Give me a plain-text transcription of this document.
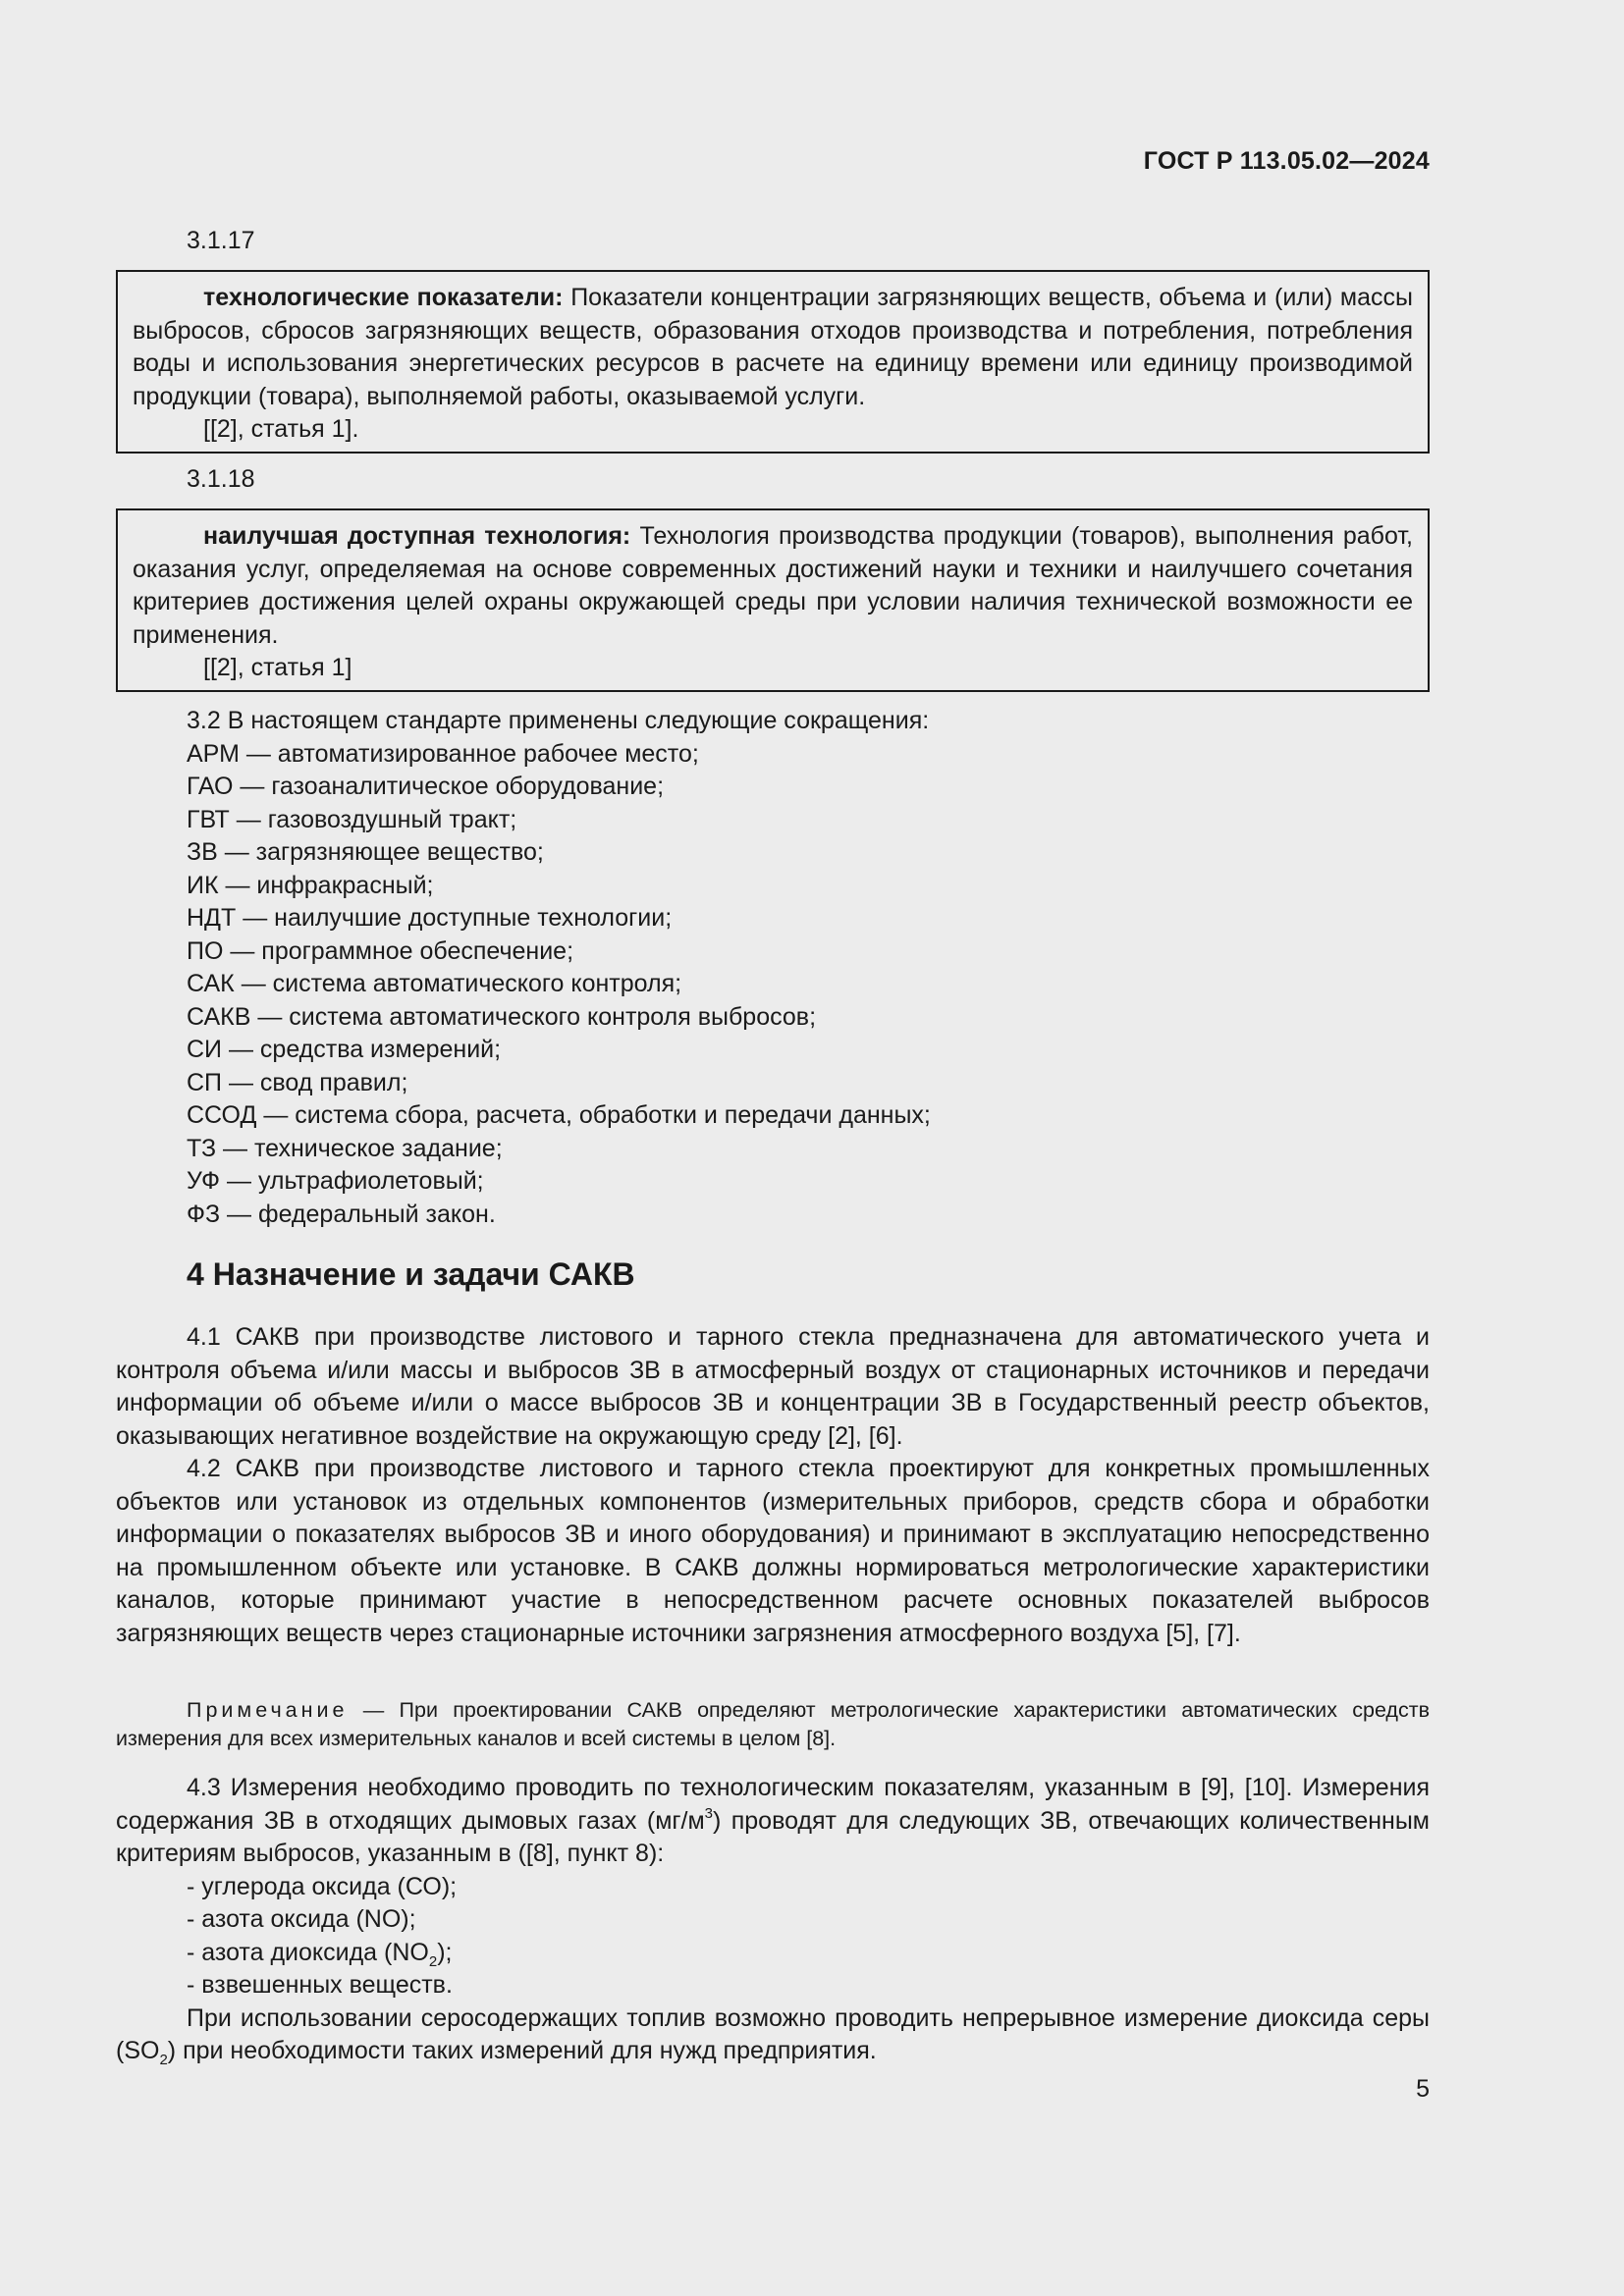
ГОСТ Р 113.05.02—2024
3.1.17

технологические показатели: Показатели концентрации загрязняющих веществ, объема и (или) массы выбросов, сбросов загрязняющих веществ, образования отходов производства и потребления, потребления воды и использования энергетических ресурсов в расчете на единицу времени или единицу производимой продукции (товара), выполняемой работы, оказываемой услуги.

[[2], статья 1].

3.1.18

наилучшая доступная технология: Технология производства продукции (товаров), выполнения работ, оказания услуг, определяемая на основе современных достижений науки и техники и наилучшего сочетания критериев достижения целей охраны окружающей среды при условии наличия технической возможности ее применения.

[[2], статья 1]

3.2 В настоящем стандарте применены следующие сокращения:

АРМ — автоматизированное рабочее место;

ГАО — газоаналитическое оборудование;

ГВТ — газовоздушный тракт;

ЗВ — загрязняющее вещество;

ИК — инфракрасный;

НДТ — наилучшие доступные технологии;

ПО — программное обеспечение;

САК — система автоматического контроля;

САКВ — система автоматического контроля выбросов;

СИ — средства измерений;

СП — свод правил;

ССОД — система сбора, расчета, обработки и передачи данных;

ТЗ — техническое задание;

УФ — ультрафиолетовый;

ФЗ — федеральный закон.

4 Назначение и задачи САКВ

4.1 САКВ при производстве листового и тарного стекла предназначена для автоматического учета и контроля объема и/или массы и выбросов ЗВ в атмосферный воздух от стационарных источников и передачи информации об объеме и/или о массе выбросов ЗВ и концентрации ЗВ в Государственный реестр объектов, оказывающих негативное воздействие на окружающую среду [2], [6].

4.2 САКВ при производстве листового и тарного стекла проектируют для конкретных промышленных объектов или установок из отдельных компонентов (измерительных приборов, средств сбора и обработки информации о показателях выбросов ЗВ и иного оборудования) и принимают в эксплуатацию непосредственно на промышленном объекте или установке. В САКВ должны нормироваться метрологические характеристики каналов, которые принимают участие в непосредственном расчете основных показателей выбросов загрязняющих веществ через стационарные источники загрязнения атмосферного воздуха [5], [7].

Примечание — При проектировании САКВ определяют метрологические характеристики автоматических средств измерения для всех измерительных каналов и всей системы в целом [8].

4.3 Измерения необходимо проводить по технологическим показателям, указанным в [9], [10]. Измерения содержания ЗВ в отходящих дымовых газах $(мг/м^3)$ проводят для следующих ЗВ, отвечающих количественным критериям выбросов, указанным в ([8], пункт 8):

- углерода оксида (СО);

- азота оксида (NO);

- азота диоксида $(NO_2)$;

- взвешенных веществ.

При использовании серосодержащих топлив возможно проводить непрерывное измерение диоксида серы $(SO_2)$ при необходимости таких измерений для нужд предприятия.

5
